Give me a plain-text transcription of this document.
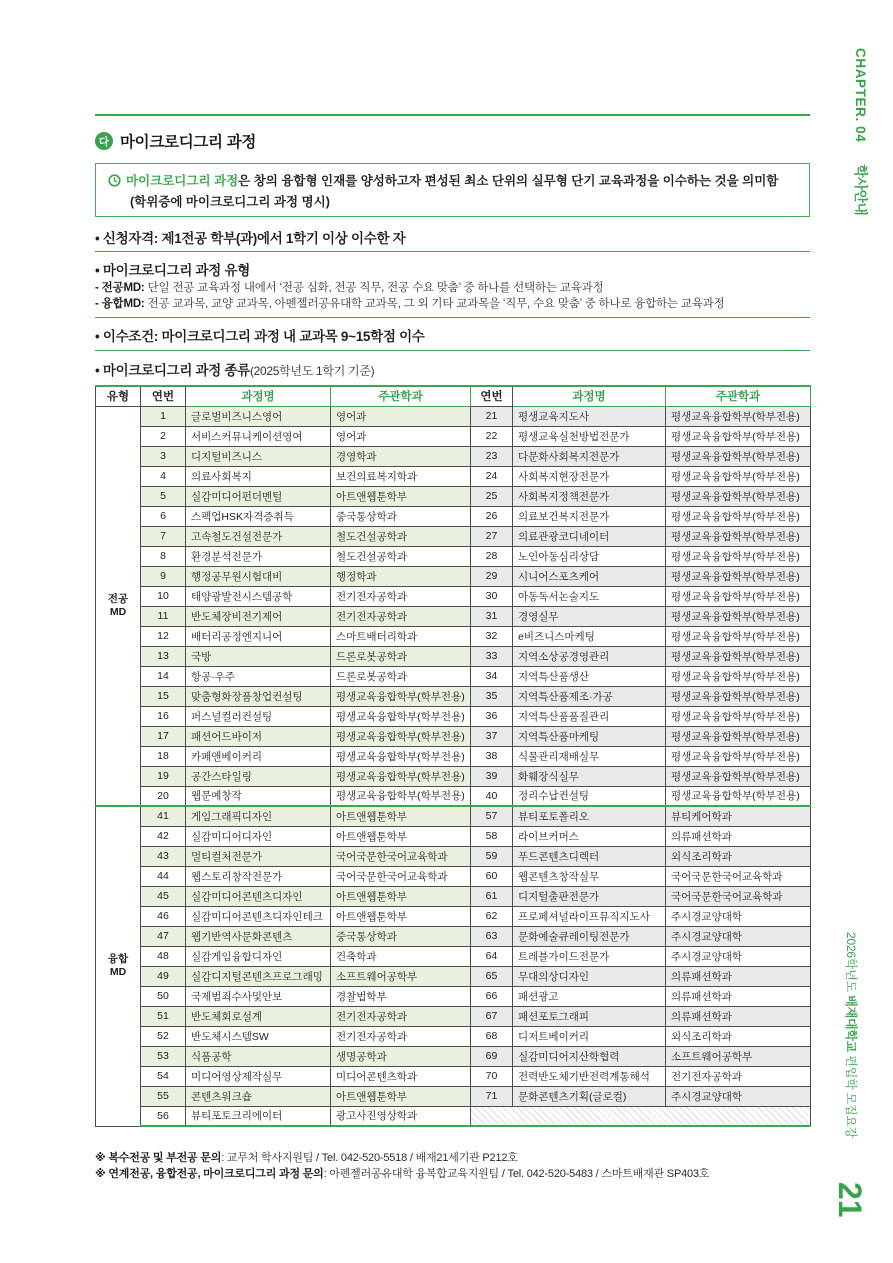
다 마이크로디그리 과정
마이크로디그리 과정은 창의 융합형 인재를 양성하고자 편성된 최소 단위의 실무형 단기 교육과정을 이수하는 것을 의미함
(학위증에 마이크로디그리 과정 명시)
• 신청자격: 제1전공 학부(과)에서 1학기 이상 이수한 자
• 마이크로디그리 과정 유형
- 전공MD: 단일 전공 교육과정 내에서 ‘전공 심화, 전공 직무, 전공 수요 맞춤’ 중 하나를 선택하는 교육과정
- 융합MD: 전공 교과목, 교양 교과목, 아펜젤러공유대학 교과목, 그 외 기타 교과목을 ‘직무, 수요 맞춤’ 중 하나로 융합하는 교육과정
• 이수조건: 마이크로디그리 과정 내 교과목 9~15학점 이수
• 마이크로디그리 과정 종류(2025학년도 1학기 기준)
유형	연번	과정명	주관학과	연번	과정명	주관학과

전공
MD	1	글로벌비즈니스영어	영어과	21	평생교육지도사	평생교육융합학부(학부전용)
	2	서비스커뮤니케이션영여	영어과	22	평생교육실천방법전문가	평생교육융합학부(학부전용)
	3	디지털비즈니스	경영학과	23	다문화사회복지전문가	평생교육융합학부(학부전용)
	4	의료사회복지	보건의료복지학과	24	사회복지현장전문가	평생교육융합학부(학부전용)
	5	실감미디어펀더멘털	아트앤웹툰학부	25	사회복지정책전문가	평생교육융합학부(학부전용)
	6	스펙업HSK자격증취득	중국통상학과	26	의료보건복지전문가	평생교육융합학부(학부전용)
	7	고속철도건설전문가	철도건설공학과	27	의료관광코디네이터	평생교육융합학부(학부전용)
	8	환경분석전문가	철도건설공학과	28	노인아동심리상담	평생교육융합학부(학부전용)
	9	행정공무원시험대비	행정학과	29	시니어스포츠케어	평생교육융합학부(학부전용)
	10	태양광발전시스템공학	전기전자공학과	30	아동독서논술지도	평생교육융합학부(학부전용)
	11	반도체장비전기제어	전기전자공학과	31	경영실무	평생교육융합학부(학부전용)
	12	배터리공정엔지니어	스마트배터리학과	32	e비즈니스마케팅	평생교육융합학부(학부전용)
	13	국방	드론로봇공학과	33	지역소상공경영관리	평생교육융합학부(학부전용)
	14	항공·우주	드론로봇공학과	34	지역특산품생산	평생교육융합학부(학부전용)
	15	맞춤형화장품창업컨설팅	평생교육융합학부(학부전용)	35	지역특산품제조·가공	평생교육융합학부(학부전용)
	16	퍼스널컬러컨설팅	평생교육융합학부(학부전용)	36	지역특산품품질관리	평생교육융합학부(학부전용)
	17	패션어드바이저	평생교육융합학부(학부전용)	37	지역특산품마케팅	평생교육융합학부(학부전용)
	18	카페앤베이커리	평생교육융합학부(학부전용)	38	식물관리재배실무	평생교육융합학부(학부전용)
	19	공간스타일링	평생교육융합학부(학부전용)	39	화훼장식실무	평생교육융합학부(학부전용)
	20	웹문예창작	평생교육융합학부(학부전용)	40	정리수납컨설팅	평생교육융합학부(학부전용)

융합
MD	41	게임그래픽디자인	아트앤웹툰학부	57	뷰티포토폴리오	뷰티케어학과
	42	실감미디어디자인	아트앤웹툰학부	58	라이브커머스	의류패션학과
	43	멀티컬처전문가	국어국문한국어교육학과	59	푸드콘텐츠디렉터	외식조리학과
	44	웹스토리창작전문가	국어국문한국어교육학과	60	웹콘텐츠창작실무	국어국문한국어교육학과
	45	실감미디어콘텐츠디자인	아트앤웹툰학부	61	디지털출판전문가	국어국문한국어교육학과
	46	실감미디어콘텐츠디자인테크	아트앤웹툰학부	62	프로페셔널라이프뮤직지도사	주시경교양대학
	47	웹기반역사문화콘텐츠	중국통상학과	63	문화예술큐레이팅전문가	주시경교양대학
	48	실감게임융합디자인	건축학과	64	트레블가이드전문가	주시경교양대학
	49	실감디지털콘텐츠프로그래밍	소프트웨어공학부	65	무대의상디자인	의류패션학과
	50	국제범죄수사및안보	경찰법학부	66	패션광고	의류패션학과
	51	반도체회로설계	전기전자공학과	67	패션포토그래피	의류패션학과
	52	반도체시스템SW	전기전자공학과	68	디저트베이커리	외식조리학과
	53	식품공학	생명공학과	69	실감미디어지산학협력	소프트웨어공학부
	54	미디어영상제작실무	미디어콘텐츠학과	70	전력반도체기반전력계통해석	전기전자공학과
	55	콘텐츠워크숍	아트앤웹툰학부	71	문화콘텐츠기획(글로컬)	주시경교양대학
	56	뷰티포토크리에이터	광고사진영상학과			
※ 복수전공 및 부전공 문의: 교무처 학사지원팀 / Tel. 042-520-5518 / 배재21세기관 P212호
※ 연계전공, 융합전공, 마이크로디그리 과정 문의: 아펜젤러공유대학 융복합교육지원팀 / Tel. 042-520-5483 / 스마트배재관 SP403호
CHAPTER. 04학사안내
2026학년도 배재대학교 편입학 모집요강
21
